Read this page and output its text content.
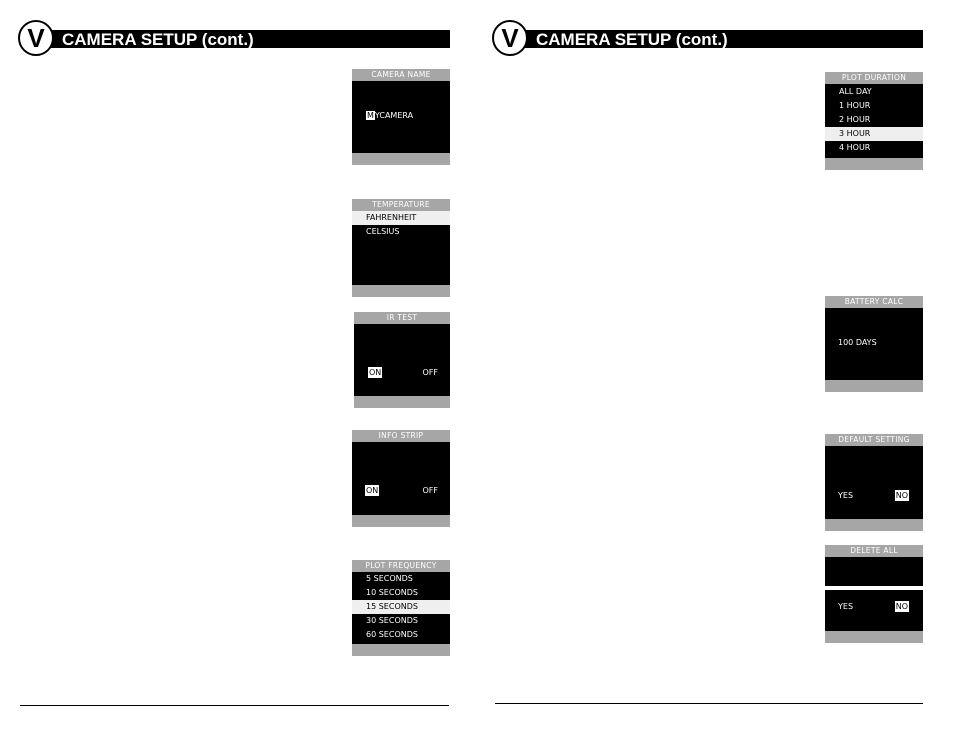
V	CAMERA SETUP (cont.)	V	CAMERA SETUP (cont.)
CAMERA NAME
MYCAMERA
TEMPERATURE
FAHRENHEIT
CELSIUS
IR TEST
ON	OFF
INFO STRIP
ON	OFF
PLOT FREQUENCY
5 SECONDS
10 SECONDS
15 SECONDS
30 SECONDS
60 SECONDS
PLOT DURATION
ALL DAY
1 HOUR
2 HOUR
3 HOUR
4 HOUR
BATTERY CALC
100 DAYS
DEFAULT SETTING
YES	NO
DELETE ALL
YES	NO
